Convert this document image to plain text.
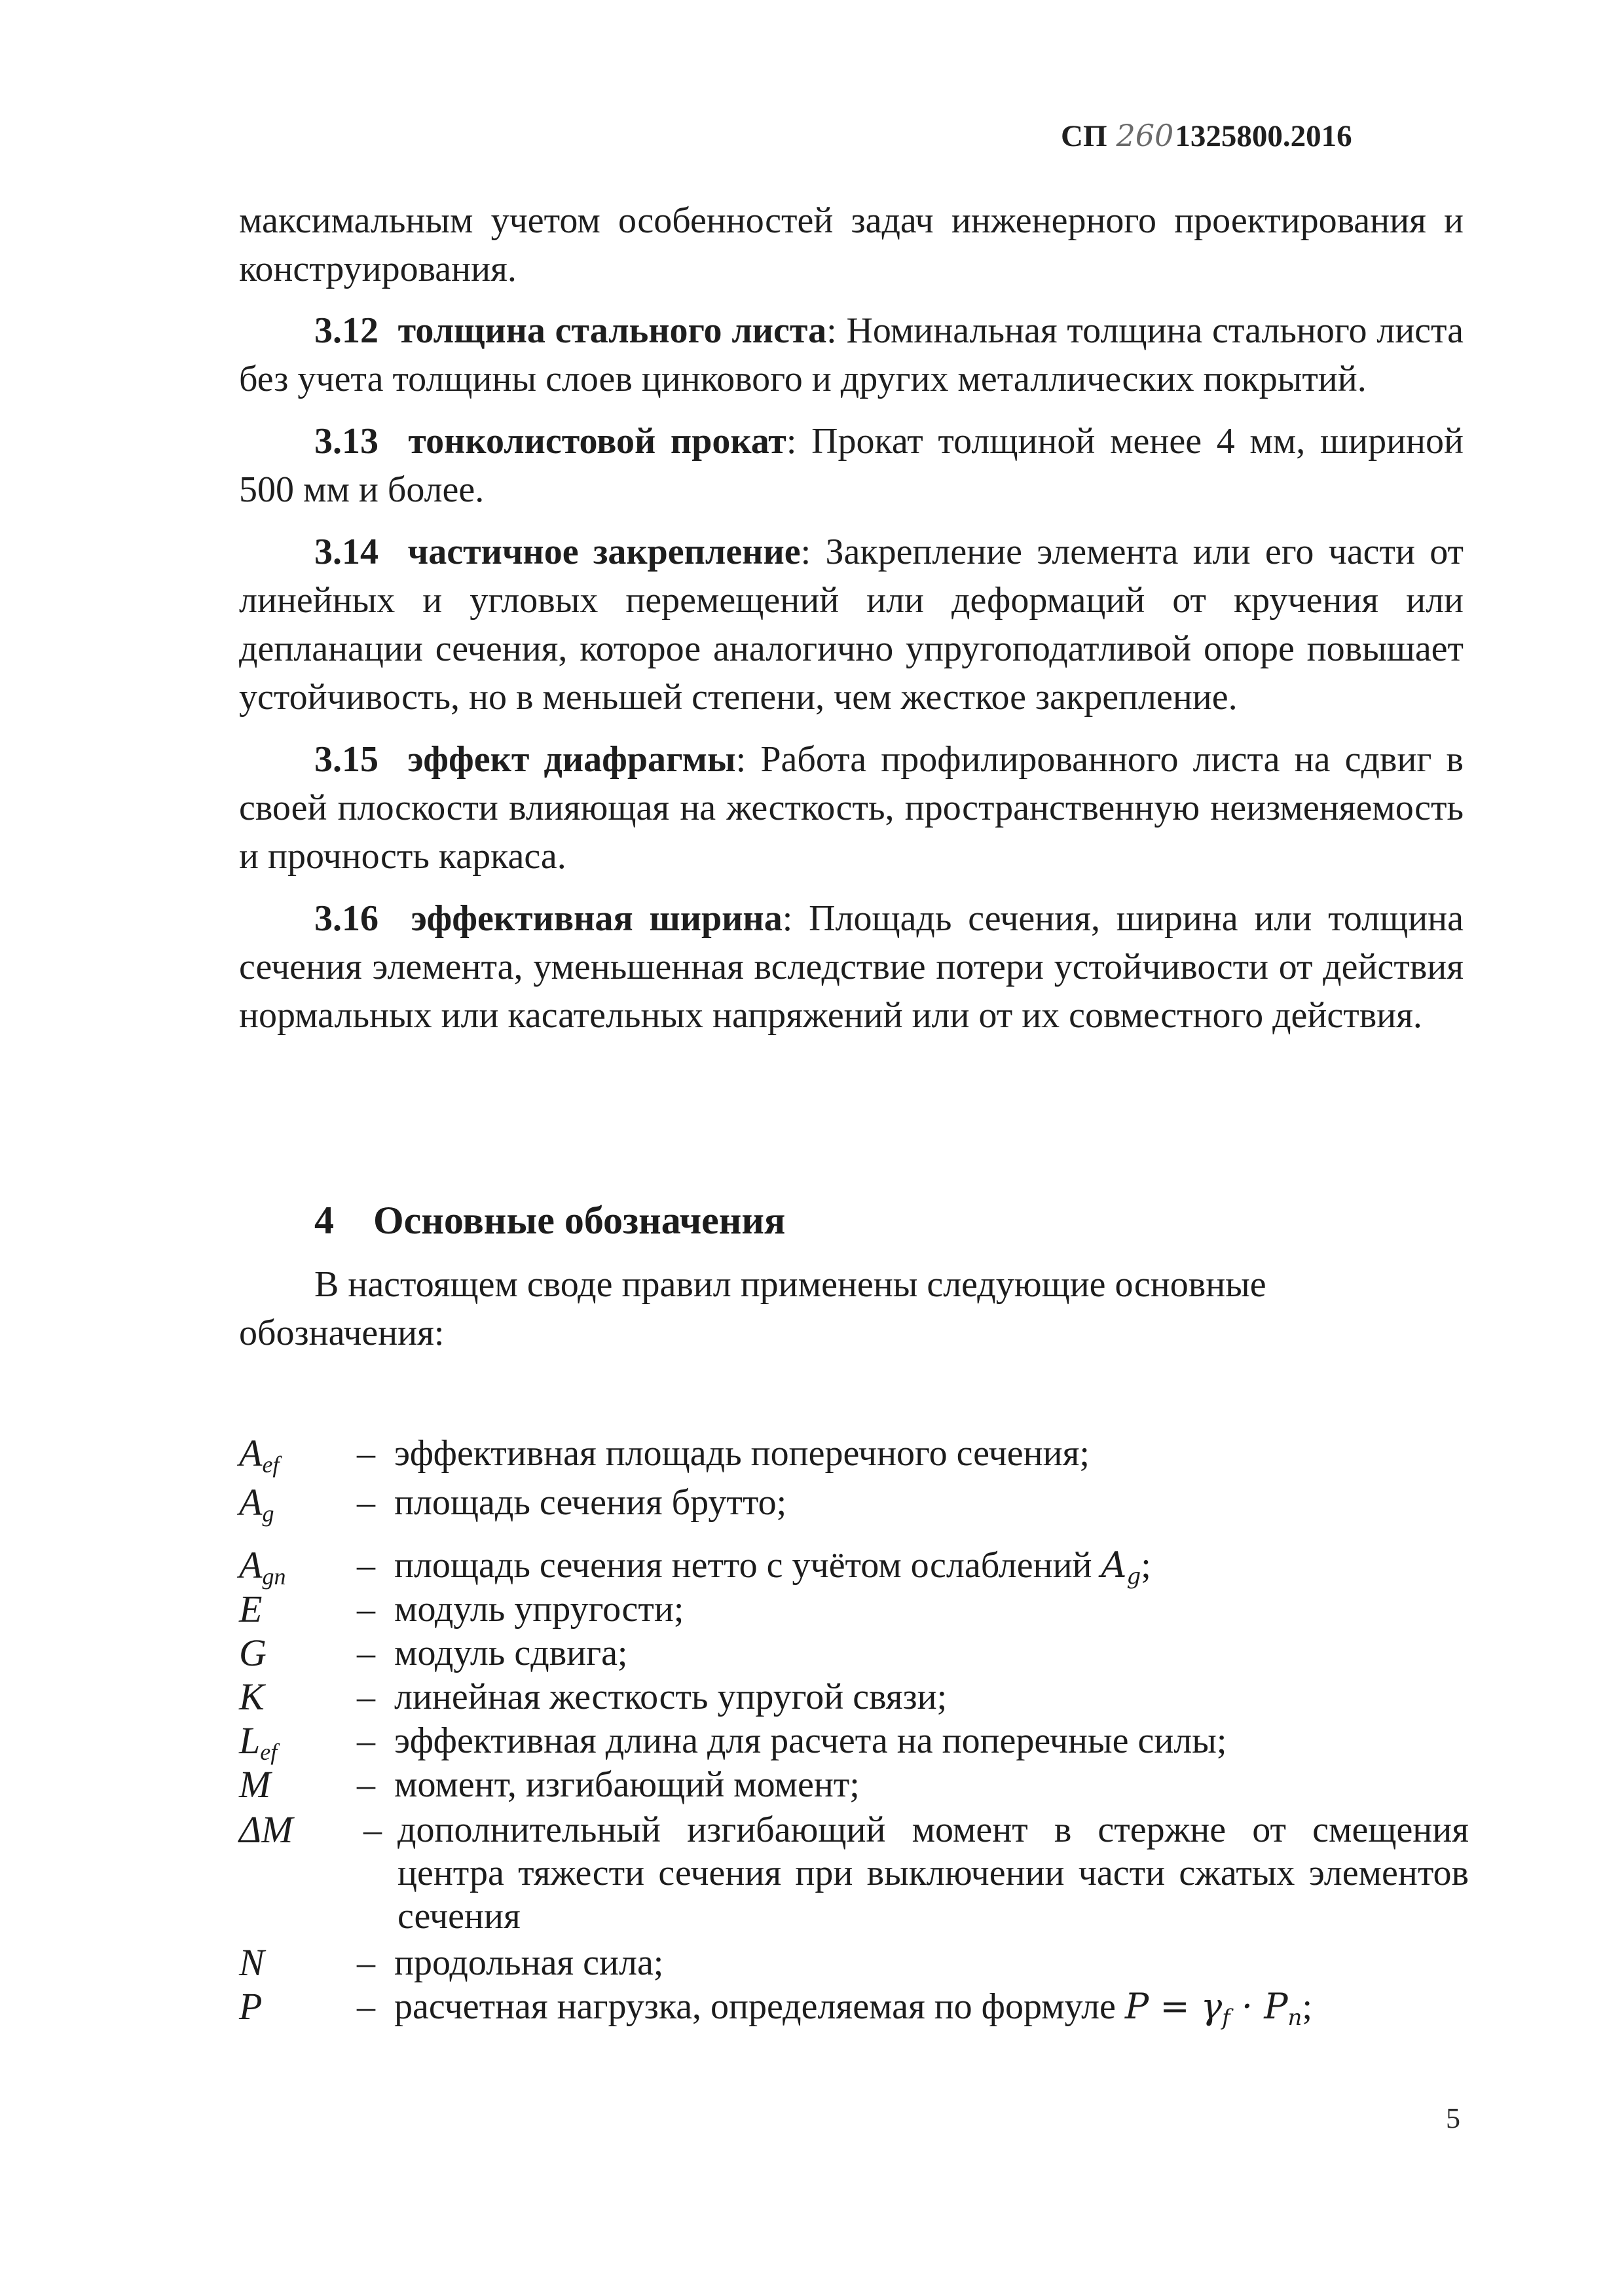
СП 2601325800.2016
максимальным учетом особенностей задач инженерного проектирования и
конструирования.
3.12 толщина стального листа: Номинальная толщина стального листа
без учета толщины слоев цинкового и других металлических покрытий.
3.13 тонколистовой прокат: Прокат толщиной менее 4 мм, шириной
500 мм и более.
3.14 частичное закрепление: Закрепление элемента или его части от
линейных и угловых перемещений или деформаций от кручения или
депланации сечения, которое аналогично упругоподатливой опоре повышает
устойчивость, но в меньшей степени, чем жесткое закрепление.
3.15 эффект диафрагмы: Работа профилированного листа на сдвиг в
своей плоскости влияющая на жесткость, пространственную неизменяемость
и прочность каркаса.
3.16 эффективная ширина: Площадь сечения, ширина или толщина
сечения элемента, уменьшенная вследствие потери устойчивости от действия
нормальных или касательных напряжений или от их совместного действия.
4 Основные обозначения
В настоящем своде правил применены следующие основные
обозначения:
$A_{ef}$	– эффективная площадь поперечного сечения;
$A_g$	– площадь сечения брутто;
$A_{gn}$	– площадь сечения нетто с учётом ослаблений $A_g$;
E	– модуль упругости;
G	– модуль сдвига;
K	– линейная жесткость упругой связи;
$L_{ef}$	– эффективная длина для расчета на поперечные силы;
M	– момент, изгибающий момент;
ΔM	– дополнительный изгибающий момент в стержне от смещения
центра тяжести сечения при выключении части сжатых элементов
сечения
N	– продольная сила;
P	– расчетная нагрузка, определяемая по формуле $P = \gamma_f \cdot P_n$;
5
